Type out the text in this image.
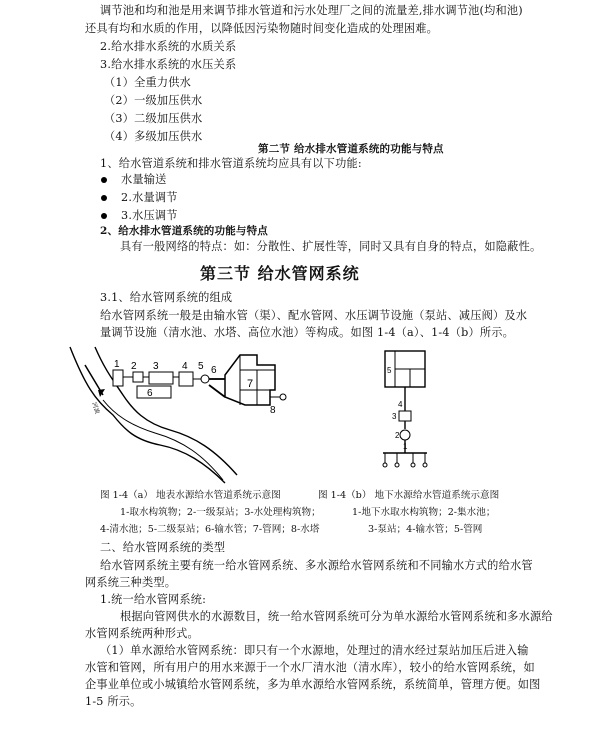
调节池和均和池是用来调节排水管道和污水处理厂之间的流量差,排水调节池(均和池)
还具有均和水质的作用，以降低因污染物随时间变化造成的处理困难。
2.给水排水系统的水质关系
3.给水排水系统的水压关系
（1）全重力供水
（2）一级加压供水
（3）二级加压供水
（4）多级加压供水
第二节 给水排水管道系统的功能与特点
1、给水管道系统和排水管道系统均应具有以下功能:
水量输送
2.水量调节
3.水压调节
2、给水排水管道系统的功能与特点
具有一般网络的特点：如：分散性、扩展性等，同时又具有自身的特点，如隐蔽性。
第三节 给水管网系统
3.1、给水管网系统的组成
给水管网系统一般是由输水管（渠）、配水管网、水压调节设施（泵站、减压阀）及水
量调节设施（清水池、水塔、高位水池）等构成。如图 1-4（a）、1-4（b）所示。
1 2 3 4 5 6
7
8
6
河流
5
4
3
2
1
图 1-4（a） 地表水源给水管道系统示意图	图 1-4（b） 地下水源给水管道系统示意图
1-取水构筑物；2-一级泵站；3-水处理构筑物；	1-地下水取水构筑物；2-集水池；
4-清水池；5-二级泵站；6-输水管；7-管网；8-水塔	3-泵站；4-输水管；5-管网
二、给水管网系统的类型
给水管网系统主要有统一给水管网系统、多水源给水管网系统和不同输水方式的给水管
网系统三种类型。
1.统一给水管网系统:
根据向管网供水的水源数目，统一给水管网系统可分为单水源给水管网系统和多水源给
水管网系统两种形式。
（1）单水源给水管网系统：即只有一个水源地，处理过的清水经过泵站加压后进入输
水管和管网，所有用户的用水来源于一个水厂清水池（清水库），较小的给水管网系统，如
企事业单位或小城镇给水管网系统，多为单水源给水管网系统，系统简单，管理方便。如图
1-5 所示。
